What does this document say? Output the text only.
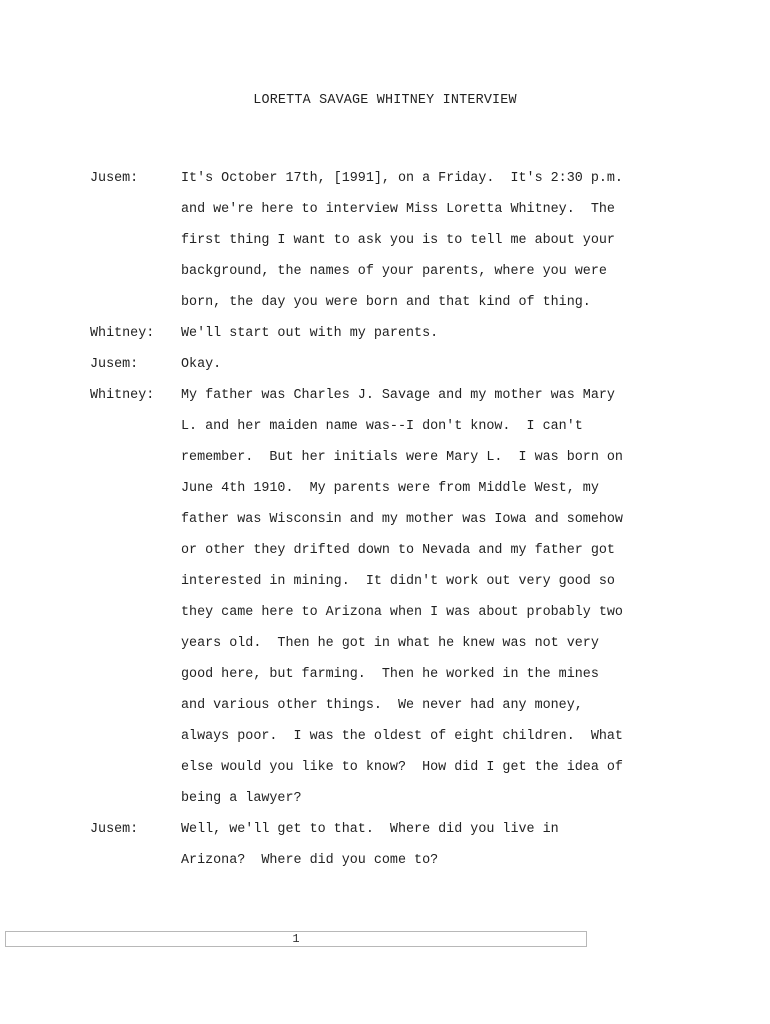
LORETTA SAVAGE WHITNEY INTERVIEW
Jusem:	It's October 17th, [1991], on a Friday.  It's 2:30 p.m.
and we're here to interview Miss Loretta Whitney.  The
first thing I want to ask you is to tell me about your
background, the names of your parents, where you were
born, the day you were born and that kind of thing.
Whitney:	We'll start out with my parents.
Jusem:	Okay.
Whitney:	My father was Charles J. Savage and my mother was Mary
L. and her maiden name was--I don't know.  I can't
remember.  But her initials were Mary L.  I was born on
June 4th 1910.  My parents were from Middle West, my
father was Wisconsin and my mother was Iowa and somehow
or other they drifted down to Nevada and my father got
interested in mining.  It didn't work out very good so
they came here to Arizona when I was about probably two
years old.  Then he got in what he knew was not very
good here, but farming.  Then he worked in the mines
and various other things.  We never had any money,
always poor.  I was the oldest of eight children.  What
else would you like to know?  How did I get the idea of
being a lawyer?
Jusem:	Well, we'll get to that.  Where did you live in
Arizona?  Where did you come to?
1
